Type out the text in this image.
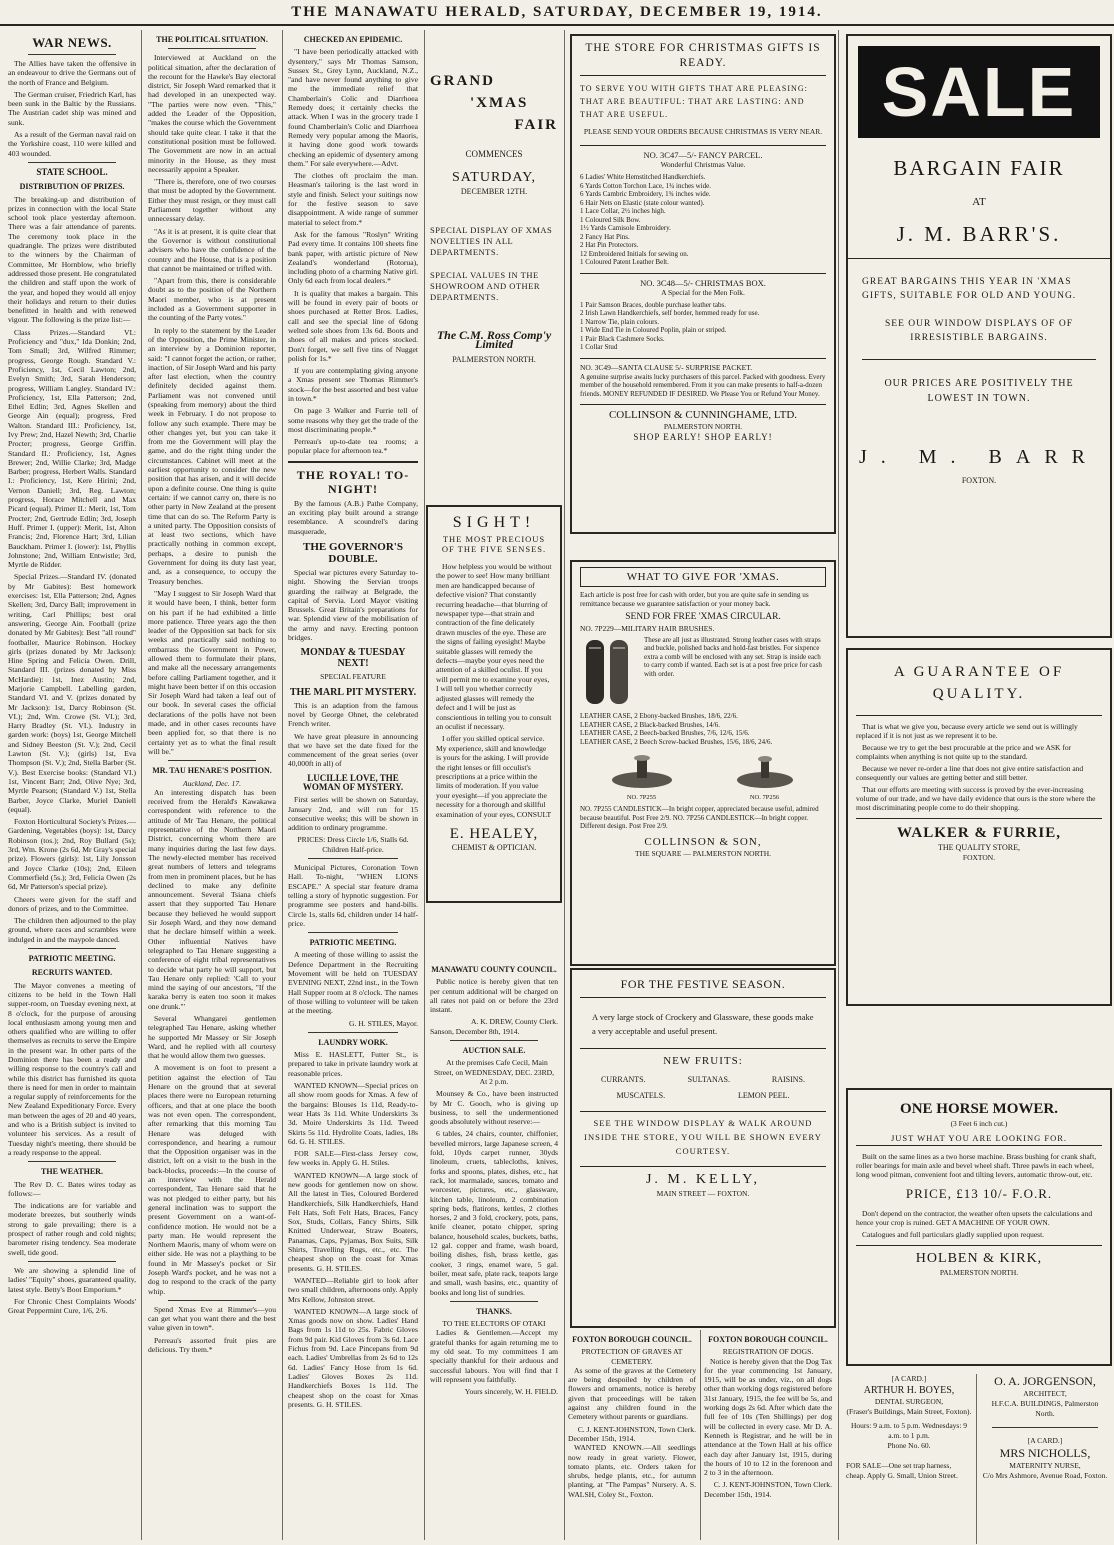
THE MANAWATU HERALD, SATURDAY, DECEMBER 19, 1914.
WAR NEWS.

The Allies have taken the offensive in an endeavour to drive the Germans out of the north of France and Belgium.

The German cruiser, Friedrich Karl, has been sunk in the Baltic by the Russians. The Austrian cadet ship was mined and sunk.

As a result of the German naval raid on the Yorkshire coast, 110 were killed and 403 wounded.

STATE SCHOOL.
DISTRIBUTION OF PRIZES.

The breaking-up and distribution of prizes in connection with the local State school took place yesterday afternoon. There was a fair attendance of parents. The ceremony took place in the quadrangle. The prizes were distributed to the winners by the Chairman of Committee, Mr Hornblow, who briefly addressed those present. He congratulated the children and staff upon the work of the year, and hoped they would all enjoy their holidays and return to their duties benefitted in health and with renewed vigour. The following is the prize list:—

Class Prizes.—Standard VI.: Proficiency and "dux," Ida Donkin; 2nd, Tom Small; 3rd, Wilfred Rimmer; progress, George Rough. Standard V.: Proficiency, 1st, Cecil Lawton; 2nd, Evelyn Smith; 3rd, Sarah Henderson; progress, William Langley. Standard IV.: Proficiency, 1st, Ella Patterson; 2nd, Ethel Edlin; 3rd, Agnes Skellen and George Ain (equal); progress, Fred Walton. Standard III.: Proficiency, 1st, Ivy Prew; 2nd, Hazel Newth; 3rd, Charlie Procter; progress, George Griffin. Standard II.: Proficiency, 1st, Agnes Brewer; 2nd, Willie Clarke; 3rd, Madge Barber; progress, Herbert Walls. Standard I.: Proficiency, 1st, Kere Hirini; 2nd, Vernon Daniell; 3rd, Reg. Lawton; progress, Horace Mitchell and Max Picard (equal). Primer II.: Merit, 1st, Tom Procter; 2nd, Gertrude Edlin; 3rd, Joseph Huff. Primer I. (upper): Merit, 1st, Alton Francis; 2nd, Florence Hart; 3rd, Lilian Bauckham. Primer I. (lower): 1st, Phyllis Johnstone; 2nd, William Entwistle; 3rd, Myrtle de Ridder.

Special Prizes.—Standard IV. (donated by Mr Gabites): Best homework exercises: 1st, Ella Patterson; 2nd, Agnes Skellen; 3rd, Darcy Ball; improvement in writing, Carl Phillips; best oral answering, George Ain. Football (prize donated by Mr Gabites): Best "all round" footballer, Maurice Robinson. Hockey girls (prizes donated by Mr Jackson): Hine Spring and Felicia Owen. Drill, Standard III. (prizes donated by Miss McHardie): 1st, Inez Austin; 2nd, Marjorie Campbell. Labelling garden, Standard VI. and V. (prizes donated by Mr Jackson): 1st, Darcy Robinson (St. VI.); 2nd, Wm. Crowe (St. VI.); 3rd, Harry Bradley (St. VI.). Industry in garden work: (boys) 1st, George Mitchell and Sidney Beeston (St. V.); 2nd, Cecil Lawton (St. V.); (girls) 1st, Eva Thompson (St. V.); 2nd, Stella Barber (St. V.). Best Exercise books: (Standard VI.) 1st, Vincent Barr; 2nd, Olive Nye; 3rd, Myrtle Pearson; (Standard V.) 1st, Stella Barber, Joyce Clarke, Muriel Daniell (equal).

Foxton Horticultural Society's Prizes.—Gardening, Vegetables (boys): 1st, Darcy Robinson (tos.); 2nd, Roy Bullard (5s); 3rd, Wm. Krone (2s 6d, Mr Gray's special prize). Flowers (girls): 1st, Lily Jonsson and Joyce Clarke (10s); 2nd, Eileen Commerfield (5s.); 3rd, Felicia Owen (2s 6d, Mr Patterson's special prize).

Cheers were given for the staff and donors of prizes, and to the Committee.

The children then adjourned to the play ground, where races and scrambles were indulged in and the maypole danced.

PATRIOTIC MEETING.
RECRUITS WANTED.

The Mayor convenes a meeting of citizens to be held in the Town Hall supper-room, on Tuesday evening next, at 8 o'clock, for the purpose of arousing local enthusiasm among young men and others qualified who are willing to offer themselves as recruits to serve the Empire in the present war. In other parts of the Dominion there has been a ready and willing response to the country's call and while this district has furnished its quota there is need for men in order to maintain a regular supply of reinforcements for the New Zealand Expeditionary Force. Every man between the ages of 20 and 40 years, and who is a British subject is invited to volunteer his services. As a result of Tuesday night's meeting, there should be a ready response to the appeal.

THE WEATHER.

The Rev D. C. Bates wires today as follows:—

The indications are for variable and moderate breezes, but southerly winds strong to gale prevailing; there is a prospect of rather rough and cold nights; barometer rising tendency. Sea moderate swell, tide good.

We are showing a splendid line of ladies' "Equity" shoes, guaranteed quality, latest style. Betty's Boot Emporium.*

For Chronic Chest Complaints Woods' Great Peppermint Cure, 1/6, 2/6.

THE POLITICAL SITUATION.

Interviewed at Auckland on the political situation, after the declaration of the recount for the Hawke's Bay electoral district, Sir Joseph Ward remarked that it had developed in an unexpected way. "The parties were now even. "This," added the Leader of the Opposition, "makes the course which the Government should take quite clear. I take it that the constitutional position must be followed. The Government are now in an actual minority in the House, as they must necessarily appoint a Speaker.

"There is, therefore, one of two courses that must be adopted by the Government. Either they must resign, or they must call Parliament together without any unnecessary delay.

"As it is at present, it is quite clear that the Governor is without constitutional advisers who have the confidence of the country and the House, that is a position that cannot be maintained or trifled with.

"Apart from this, there is considerable doubt as to the position of the Northern Maori member, who is at present included as a Government supporter in the counting of the Party votes."

In reply to the statement by the Leader of the Opposition, the Prime Minister, in an interview by a Dominion reporter, said: "I cannot forget the action, or rather, inaction, of Sir Joseph Ward and his party after last election, when the country definitely decided against them. Parliament was not convened until (speaking from memory) about the third week in February. I do not propose to follow any such example. There may be other changes yet, but you can take it from me the Government will play the game, and do the right thing under the circumstances. Cabinet will meet at the earliest opportunity to consider the new position that has arisen, and it will decide upon a definite course. One thing is quite certain: if we cannot carry on, there is no other party in New Zealand at the present time that can do so. The Reform Party is a united party. The Opposition consists of at least two sections, which have practically nothing in common except, perhaps, a desire to punish the Government for doing its duty last year, and, as a consequence, to occupy the Treasury benches.

"May I suggest to Sir Joseph Ward that it would have been, I think, better form on his part if he had exhibited a little more patience. Three years ago the then leader of the Opposition sat back for six weeks and practically said nothing to embarrass the Government in Power, allowed them to formulate their plans, and make all the necessary arrangements before calling Parliament together, and it might have been better if on this occasion Sir Joseph Ward had taken a leaf out of our book. In several cases the official declarations of the polls have not been made, and in other cases recounts have been applied for, so that there is no certainty yet as to what the final result will be."

MR. TAU HENARE'S POSITION.
Auckland, Dec. 17.

An interesting dispatch has been received from the Herald's Kawakawa correspondent with reference to the attitude of Mr Tau Henare, the political representative of the Northern Maori District, concerning whom there are many inquiries during the last few days. The newly-elected member has received great numbers of letters and telegrams from men in prominent places, but he has declined to make any definite announcement. Several Tsiana chiefs assert that they supported Tau Henare because they believed he would support Sir Joseph Ward, and they now demand that he declare himself within a week. Other influential Natives have telegraphed to Tau Henare suggesting a conference of eight tribal representatives to decide what party he will support, but Tau Henare only replied: 'Call to your mind the saying of our ancestors, "If the karaka berry is eaten too soon it makes one drunk."'

Several Whangarei gentlemen telegraphed Tau Henare, asking whether he supported Mr Massey or Sir Joseph Ward, and he replied with all courtesy that he would allow them two guesses.

A movement is on foot to present a petition against the election of Tau Henare on the ground that at several places there were no European returning officers, and that at one place the booth was not even open. The correspondent, after remarking that this morning Tau Henare was deluged with correspondence, and hearing a rumour that the Opposition organiser was in the district, left on a visit to the bush in the back-blocks, proceeds:—In the course of an interview with the Herald correspondent, Tau Henare said that he was not pledged to either party, but his general inclination was to support the present Government on a want-of-confidence motion. He would not be a party man. He would represent the Northern Maoris, many of whom were on either side. He was not a plaything to be found in Mr Massey's pocket or Sir Joseph Ward's pocket, and he was not a dog to respond to the crack of the party whip.

Spend Xmas Eve at Rimmer's—you can get what you want there and the best value given in town*.

Perreau's assorted fruit pies are delicious. Try them.*

CHECKED AN EPIDEMIC.

"I have been periodically attacked with dysentery," says Mr Thomas Samson, Sussex St., Grey Lynn, Auckland, N.Z., "and have never found anything to give me the immediate relief that Chamberlain's Colic and Diarrhoea Remedy does; it certainly checks the attack. When I was in the grocery trade I found Chamberlain's Colic and Diarrhoea Remedy very popular among the Maoris, it having done good work towards checking an epidemic of dysentery among them." For sale everywhere.—Advt.

The clothes oft proclaim the man. Heasman's tailoring is the last word in style and finish. Select your suitings now for the festive season to save disappointment. A wide range of summer material to select from.*

Ask for the famous "Roslyn" Writing Pad every time. It contains 100 sheets fine bank paper, with artistic picture of New Zealand's wonderland (Rotorua), including photo of a charming Native girl. Only 6d each from local dealers.*

It is quality that makes a bargain. This will be found in every pair of boots or shoes purchased at Retter Bros. Ladies, call and see the special line of 6dong welted sole shoes from 13s 6d. Boots and shoes of all makes and prices stocked. Don't forget, we sell five tins of Nugget polish for 1s.*

If you are contemplating giving anyone a Xmas present see Thomas Rimmer's stock—for the best assorted and best value in town.*

On page 3 Walker and Furrie tell of some reasons why they get the trade of the most discriminating people.*

Perreau's up-to-date tea rooms; a popular place for afternoon tea.*

THE ROYAL! TO-NIGHT!

By the famous (A.B.) Pathe Company, an exciting play built around a strange resemblance. A scoundrel's daring masquerade,

THE GOVERNOR'S DOUBLE.

Special war pictures every Saturday to-night. Showing the Servian troops guarding the railway at Belgrade, the capital of Servia. Lord Mayor visiting Brussels. Great Britain's preparations for war. Splendid view of the mobilisation of the army and navy. Erecting pontoon bridges.

MONDAY & TUESDAY NEXT!
SPECIAL FEATURE
THE MARL PIT MYSTERY.

This is an adaption from the famous novel by George Ohnet, the celebrated French writer.

We have great pleasure in announcing that we have set the date fixed for the commencement of the great series (over 40,000ft in all) of

LUCILLE LOVE, THE WOMAN OF MYSTERY.

First series will be shown on Saturday, January 2nd, and will run for 15 consecutive weeks; this will be shown in addition to ordinary programme.

PRICES: Dress Circle 1/6, Stalls 6d. Children Half-price.

Municipal Pictures, Coronation Town Hall. To-night, "WHEN LIONS ESCAPE." A special star feature drama telling a story of hypnotic suggestion. For programme see posters and hand-bills. Circle 1s, stalls 6d, children under 14 half-price.

PATRIOTIC MEETING.

A meeting of those willing to assist the Defence Department in the Recruiting Movement will be held on TUESDAY EVENING NEXT, 22nd inst., in the Town Hall Supper room at 8 o'clock. The names of those willing to volunteer will be taken at the meeting.

G. H. STILES, Mayor.
LAUNDRY WORK.

Miss E. HASLETT, Futter St., is prepared to take in private laundry work at reasonable prices.

WANTED KNOWN—Special prices on all show room goods for Xmas. A few of the bargains: Blouses 1s 11d, Ready-to-wear Hats 3s 11d. White Underskirts 3s 3d. Moire Underskirts 3s 11d. Tweed Skirts 5s 11d. Hydrolite Coats, ladies, 18s 6d. G. H. STILES.

FOR SALE—First-class Jersey cow, few weeks in. Apply G. H. Stiles.

WANTED KNOWN—A large stock of new goods for gentlemen now on show. All the latest in Ties, Coloured Bordered Handkerchiefs, Silk Handkerchiefs, Hand Felt Hats, Soft Felt Hats, Braces, Fancy Sox, Studs, Collars, Fancy Shirts, Silk Knitted Underwear, Straw Boaters, Panamas, Caps, Pyjamas, Box Suits, Silk Shirts, Travelling Rugs, etc., etc. The cheapest shop on the coast for Xmas presents. G. H. STILES.

WANTED—Reliable girl to look after two small children, afternoons only. Apply Mrs Kellow, Johnston street.

WANTED KNOWN—A large stock of Xmas goods now on show. Ladies' Hand Bags from 1s 11d to 25s. Fabric Gloves from 9d pair. Kid Gloves from 3s 6d. Lace Fichus from 9d. Lace Pincepans from 9d each. Ladies' Umbrellas from 2s 6d to 12s 6d. Ladies' Fancy Hose from 1s 6d. Ladies' Gloves Boxes 2s 11d. Handkerchiefs Boxes 1s 11d. The cheapest shop on the coast for Xmas presents. G. H. STILES.

GRAND
'XMAS
FAIR
COMMENCES
SATURDAY,
DECEMBER 12TH.
SPECIAL DISPLAY OF XMAS NOVELTIES IN ALL DEPARTMENTS.
SPECIAL VALUES IN THE SHOWROOM AND OTHER DEPARTMENTS.
The C.M. Ross Comp'y Limited
PALMERSTON NORTH.
SIGHT!
THE MOST PRECIOUS OF THE FIVE SENSES.

How helpless you would be without the power to see! How many brilliant men are handicapped because of defective vision? That constantly recurring headache—that blurring of newspaper type—that strain and contraction of the fine delicately drawn muscles of the eye. These are the signs of failing eyesight! Maybe suitable glasses will remedy the defects—maybe your eyes need the attention of a skilled oculist. If you will permit me to examine your eyes, I will tell you whether correctly adjusted glasses will remedy the defect and I will be just as conscientious in telling you to consult an oculist if necessary.

I offer you skilled optical service. My experience, skill and knowledge is yours for the asking. I will provide the right lenses or fill occulist's prescriptions at a price within the limits of moderation. If you value your eyesight—if you appreciate the necessity for a thorough and skillful examination of your eyes, CONSULT

E. HEALEY,
CHEMIST & OPTICIAN.
MANAWATU COUNTY COUNCIL.

Public notice is hereby given that ten per centum additional will be charged on all rates not paid on or before the 23rd instant.

A. K. DREW, County Clerk.
Sanson, December 8th, 1914.
AUCTION SALE.

At the premises Cafe Cecil, Main Street, on WEDNESDAY, DEC. 23RD, At 2 p.m.

Mounsey & Co., have been instructed by Mr C. Gooch, who is giving up business, to sell the undermentioned goods absolutely without reserve:—

6 tables, 24 chairs, counter, chiffonier, bevelled mirrors, large Japanese screen, 4 fold, 10yds carpet runner, 30yds linoleum, cruets, tablecloths, knives, forks and spoons, plates, dishes, etc., hat rack, lot marmalade, sauces, tomato and worcester, pictures, etc., glassware, kitchen table, linoleum, 2 combination spring beds, flatirons, kettles, 2 clothes horses, 2 and 3 fold, crockery, pots, pans, knife cleaner, potato chipper, spring balance, household scales, buckets, baths, 12 gal. copper and frame, wash board, boiling dishes, fish, brass kettle, gas cooker, 3 rings, enamel ware, 5 gal. boiler, meat safe, plate rack, teapots large and small, wash basins, etc., quantity of books and long list of sundries.

THANKS.
TO THE ELECTORS OF OTAKI

Ladies & Gentlemen.—Accept my grateful thanks for again returning me to my old seat. To my committees I am specially thankful for their arduous and successful labours. You will find that I will represent you faithfully.

Yours sincerely, W. H. FIELD.
THE STORE FOR CHRISTMAS GIFTS IS READY.
TO SERVE YOU WITH GIFTS THAT ARE PLEASING: THAT ARE BEAUTIFUL: THAT ARE LASTING: AND THAT ARE USEFUL.
PLEASE SEND YOUR ORDERS BECAUSE CHRISTMAS IS VERY NEAR.
NO. 3C47—5/- FANCY PARCEL.
Wonderful Christmas Value.
6 Ladies' White Hemstitched Handkerchiefs.
6 Yards Cotton Torchon Lace, 1¾ inches wide.
6 Yards Cambric Embroidery, 1¾ inches wide.
6 Hair Nets on Elastic (state colour wanted).
1 Lace Collar, 2½ inches high.
1 Coloured Silk Bow.
1½ Yards Camisole Embroidery.
2 Fancy Hat Pins.
2 Hat Pin Protectors.
12 Embroidered Initials for sewing on.
1 Coloured Patent Leather Belt.
NO. 3C48—5/- CHRISTMAS BOX.
A Special for the Men Folk.
1 Pair Samson Braces, double purchase leather tabs.
2 Irish Lawn Handkerchiefs, self border, hemmed ready for use.
1 Narrow Tie, plain colours.
1 Wide End Tie in Coloured Poplin, plain or striped.
1 Pair Black Cashmere Socks.
1 Collar Stud
NO. 3C49—SANTA CLAUSE 5/- SURPRISE PACKET.
A genuine surprise awaits lucky purchasers of this parcel. Packed with goodness. Every member of the household remembered. From it you can make presents to half-a-dozen friends. MONEY REFUNDED IF DESIRED. We Please You or Refund Your Money.
COLLINSON & CUNNINGHAME, LTD.
PALMERSTON NORTH.
SHOP EARLY! SHOP EARLY!
WHAT TO GIVE FOR 'XMAS.
Each article is post free for cash with order, but you are quite safe in sending us remittance because we guarantee satisfaction or your money back.
SEND FOR FREE 'XMAS CIRCULAR.
NO. 7P229—MILITARY HAIR BRUSHES.
These are all just as illustrated. Strong leather cases with straps and buckle, polished backs and hold-fast bristles. For sixpence extra a comb will be enclosed with any set. Strap is inside each to carry comb if wanted. Each set is at a post free price for cash with order.
LEATHER CASE, 2 Ebony-backed Brushes, 18/6, 22/6.
LEATHER CASE, 2 Black-backed Brushes, 14/6.
LEATHER CASE, 2 Beech-backed Brushes, 7/6, 12/6, 15/6.
LEATHER CASE, 2 Beech Screw-backed Brushes, 15/6, 18/6, 24/6.
NO. 7P255	NO. 7P256
NO. 7P255 CANDLESTICK—In bright copper, appreciated because useful, admired because beautiful. Post Free 2/9. NO. 7P256 CANDLESTICK—In bright copper. Different design. Post Free 2/9.
COLLINSON & SON,
THE SQUARE — PALMERSTON NORTH.
FOR THE FESTIVE SEASON.
A very large stock of Crockery and Glassware, these goods make a very acceptable and useful present.
NEW FRUITS:
CURRANTS.	SULTANAS.	RAISINS.
MUSCATELS.	LEMON PEEL.
SEE THE WINDOW DISPLAY & WALK AROUND INSIDE THE STORE, YOU WILL BE SHOWN EVERY COURTESY.
J. M. KELLY,
MAIN STREET — FOXTON.
FOXTON BOROUGH COUNCIL.
PROTECTION OF GRAVES AT CEMETERY.

As some of the graves at the Cemetery are being despoiled by children of flowers and ornaments, notice is hereby given that proceedings will be taken against any children found in the Cemetery without parents or guardians.

C. J. KENT-JOHNSTON, Town Clerk.
December 15th, 1914.

WANTED KNOWN.—All seedlings now ready in great variety. Flower, tomato plants, etc. Orders taken for shrubs, hedge plants, etc., for autumn planting, at "The Pampas" Nursery. A. S. WALSH, Coley St., Foxton.

FOXTON BOROUGH COUNCIL.
REGISTRATION OF DOGS.

Notice is hereby given that the Dog Tax for the year commencing 1st January, 1915, will be as under, viz., on all dogs other than working dogs registered before 31st January, 1915, the fee will be 5s, and working dogs 2s 6d. After which date the full fee of 10s (Ten Shillings) per dog will be collected in every case. Mr D. A. Kenneth is Registrar, and he will be in attendance at the Town Hall at his office each day after January 1st, 1915, during the hours of 10 to 12 in the forenoon and 2 to 3 in the afternoon.

C. J. KENT-JOHNSTON, Town Clerk.
December 15th, 1914.
SALE
BARGAIN FAIR
AT
J. M. BARR'S.
GREAT BARGAINS THIS YEAR IN 'XMAS GIFTS, SUITABLE FOR OLD AND YOUNG.
SEE OUR WINDOW DISPLAYS OF OF IRRESISTIBLE BARGAINS.
OUR PRICES ARE POSITIVELY THE LOWEST IN TOWN.
J. M. BARR
FOXTON.
A GUARANTEE OF QUALITY.

That is what we give you, because every article we send out is willingly replaced if it is not just as we represent it to be.

Because we try to get the best procurable at the price and we ASK for complaints when anything is not quite up to the standard.

Because we never re-order a line that does not give entire satisfaction and consequently our values are getting better and still better.

That our efforts are meeting with success is proved by the ever-increasing volume of our trade, and we have daily evidence that ours is the store where the most discriminating people come to do their shopping.

WALKER & FURRIE,
THE QUALITY STORE,
FOXTON.
ONE HORSE MOWER.
(3 Feet 6 inch cut.)
JUST WHAT YOU ARE LOOKING FOR.

Built on the same lines as a two horse machine. Brass bushing for crank shaft, roller bearings for main axle and bevel wheel shaft. Three pawls in each wheel, long wood pitman, convenient foot and tilting levers, automatic throw-out, etc.

PRICE, £13 10/- F.O.R.

Don't depend on the contractor, the weather often upsets the calculations and hence your crop is ruined. GET A MACHINE OF YOUR OWN.

Catalogues and full particulars gladly supplied upon request.

HOLBEN & KIRK,
PALMERSTON NORTH.
[A CARD.]
ARTHUR H. BOYES,
DENTAL SURGEON,
(Fraser's Buildings, Main Street, Foxton).
Hours: 9 a.m. to 5 p.m. Wednesdays: 9 a.m. to 1 p.m.
Phone No. 60.
FOR SALE—One set trap harness, cheap. Apply G. Small, Union Street.
O. A. JORGENSON,
ARCHITECT,
H.F.C.A. BUILDINGS, Palmerston North.
[A CARD.]
MRS NICHOLLS,
MATERNITY NURSE,
C/o Mrs Ashmore, Avenue Road, Foxton.
